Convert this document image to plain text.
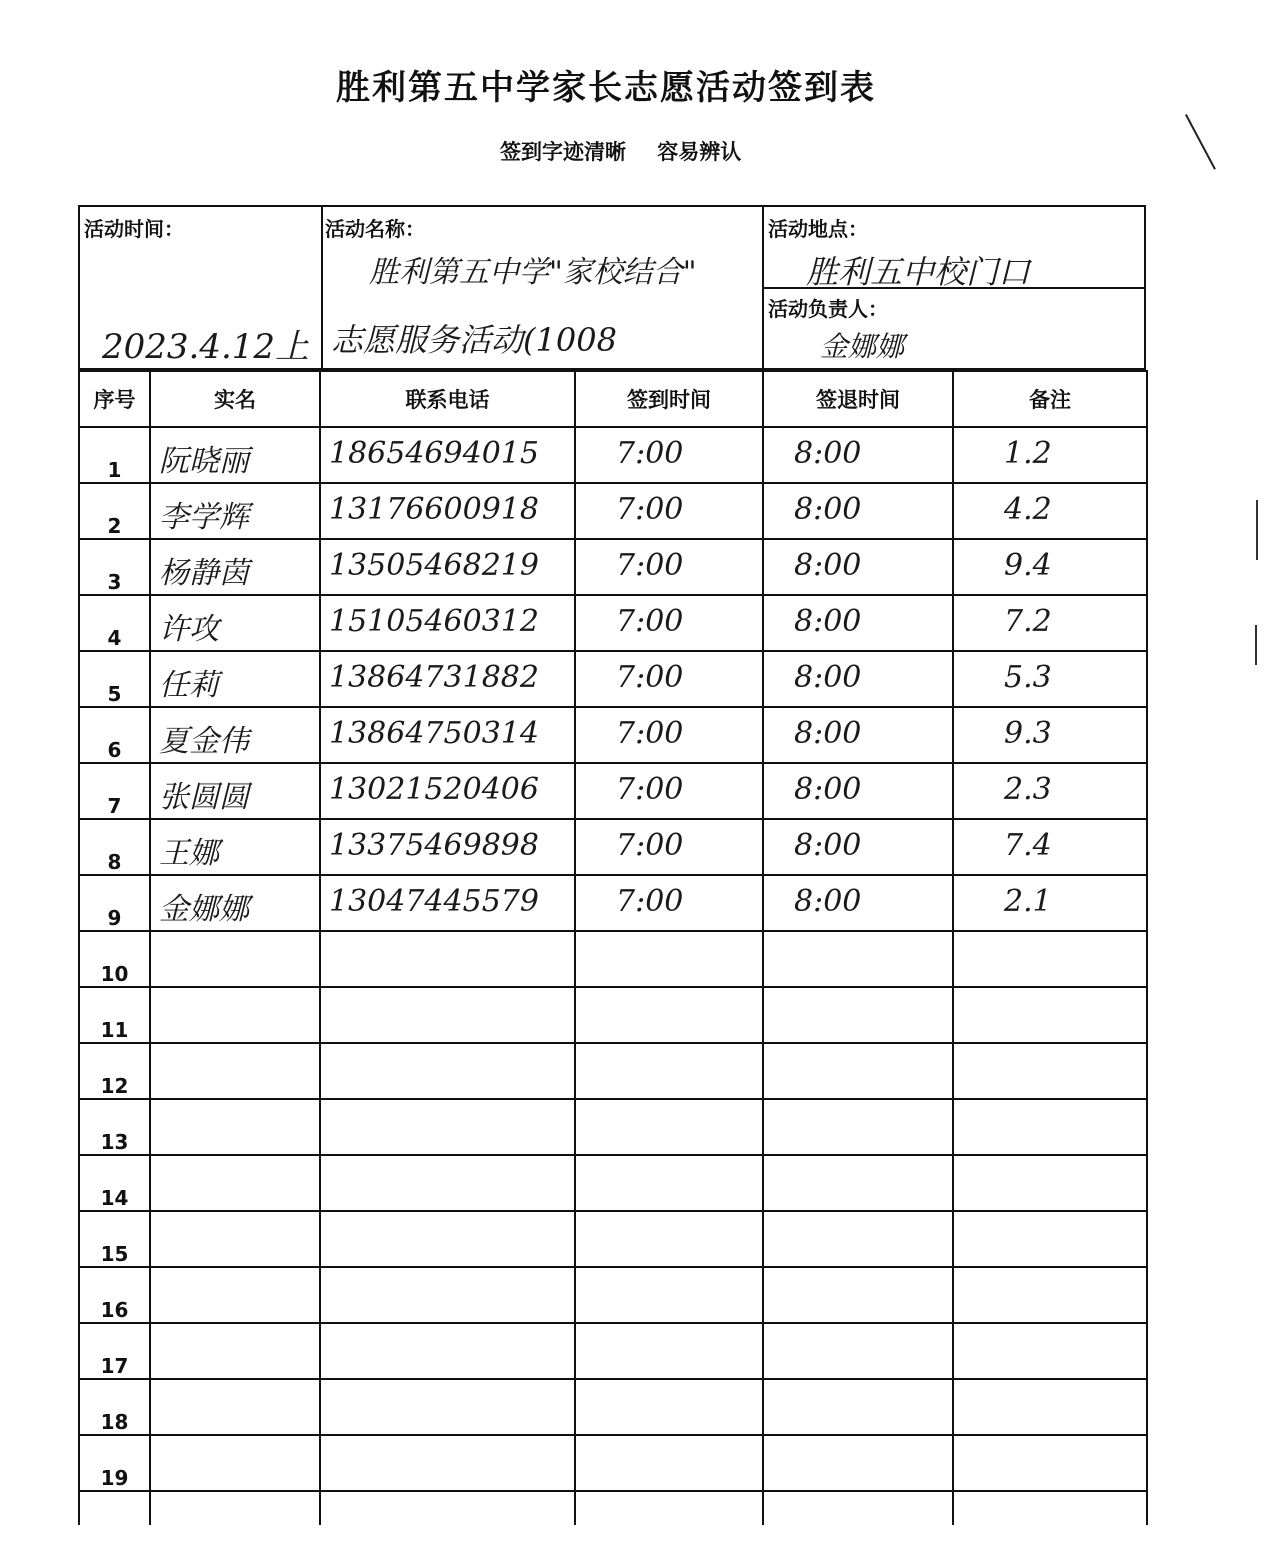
胜利第五中学家长志愿活动签到表
签到字迹清晰 容易辨认
活动时间：
2023.4.12上
活动名称：
胜利第五中学"家校结合"
志愿服务活动(1008
活动地点：
胜利五中校门口
活动负责人：
金娜娜
序号	实名	联系电话	签到时间	签退时间	备注
1	阮晓丽	18654694015	7:00	8:00	1.2

2	李学辉	13176600918	7:00	8:00	4.2

3	杨静茵	13505468219	7:00	8:00	9.4

4	许攻	15105460312	7:00	8:00	7.2

5	任莉	13864731882	7:00	8:00	5.3

6	夏金伟	13864750314	7:00	8:00	9.3

7	张圆圆	13021520406	7:00	8:00	2.3

8	王娜	13375469898	7:00	8:00	7.4

9	金娜娜	13047445579	7:00	8:00	2.1

10	

11	

12	

13	

14	

15	

16	

17	

18	

19	
